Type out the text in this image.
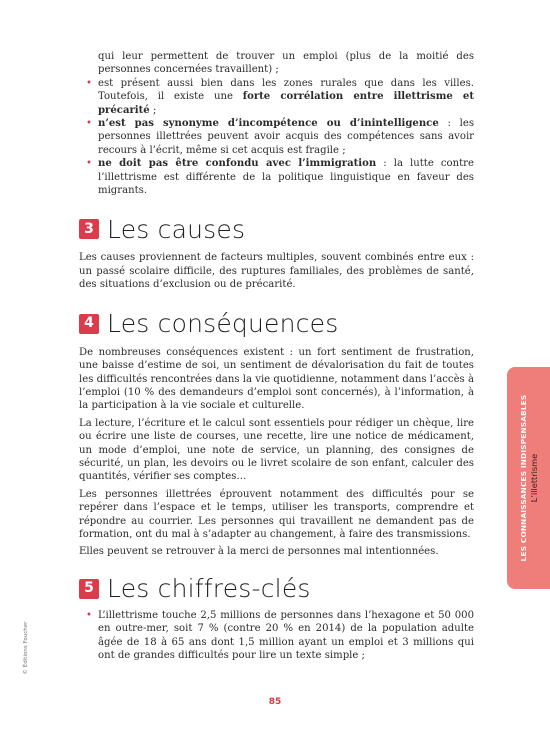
qui leur permettent de trouver un emploi (plus de la moitié des personnes concernées travaillent) ;

• est présent aussi bien dans les zones rurales que dans les villes. Toutefois, il existe une forte corrélation entre illettrisme et précarité ;
• n’est pas synonyme d’incompétence ou d’inintelligence : les personnes illettrées peuvent avoir acquis des compétences sans avoir recours à l’écrit, même si cet acquis est fragile ;
• ne doit pas être confondu avec l’immigration : la lutte contre l’illettrisme est différente de la politique linguistique en faveur des migrants.
3 Les causes

Les causes proviennent de facteurs multiples, souvent combinés entre eux : un passé scolaire difficile, des ruptures familiales, des problèmes de santé, des situations d’exclusion ou de précarité.

4 Les conséquences

De nombreuses conséquences existent : un fort sentiment de frustration, une baisse d’estime de soi, un sentiment de dévalorisation du fait de toutes les difficultés rencontrées dans la vie quotidienne, notamment dans l’accès à l’emploi (10 % des demandeurs d’emploi sont concernés), à l’information, à la participation à la vie sociale et culturelle.

La lecture, l’écriture et le calcul sont essentiels pour rédiger un chèque, lire ou écrire une liste de courses, une recette, lire une notice de médicament, un mode d’emploi, une note de service, un planning, des consignes de sécurité, un plan, les devoirs ou le livret scolaire de son enfant, calculer des quantités, vérifier ses comptes…

Les personnes illettrées éprouvent notamment des difficultés pour se repérer dans l’espace et le temps, utiliser les transports, comprendre et répondre au courrier. Les personnes qui travaillent ne demandent pas de formation, ont du mal à s’adapter au changement, à faire des transmissions.

Elles peuvent se retrouver à la merci de personnes mal intentionnées.

5 Les chiffres-clés
• L’illettrisme touche 2,5 millions de personnes dans l’hexagone et 50 000 en outre-mer, soit 7 % (contre 20 % en 2014) de la population adulte âgée de 18 à 65 ans dont 1,5 million ayant un emploi et 3 millions qui ont de grandes difficultés pour lire un texte simple ;
LES CONNAISSANCES INDISPENSABLES L’illettrisme
© Éditions Foucher
85
